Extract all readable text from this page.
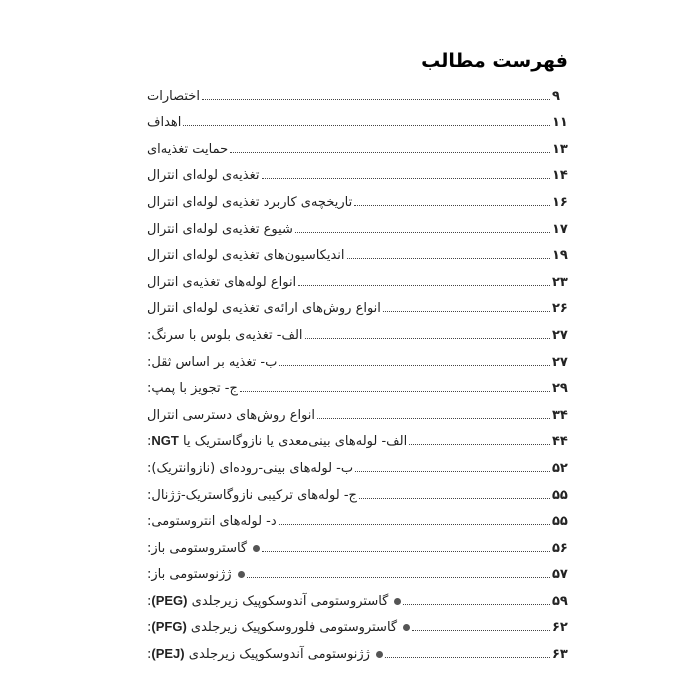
فهرست مطالب
اختصارات	۹
اهداف	۱۱
حمایت تغذیه‌ای	۱۳
تغذیه‌ی لوله‌ای انترال	۱۴
تاریخچه‌ی کاربرد تغذیه‌ی لوله‌ای انترال	۱۶
شیوع تغذیه‌ی لوله‌ای انترال	۱۷
اندیکاسیون‌های تغذیه‌ی لوله‌ای انترال	۱۹
انواع لوله‌های تغذیه‌ی انترال	۲۳
انواع روش‌های ارائه‌ی تغذیه‌ی لوله‌ای انترال	۲۶
الف- تغذیه‌ی بلوس با سرنگ:	۲۷
ب- تغذیه بر اساس ثقل:	۲۷
ج- تجویز با پمپ:	۲۹
انواع روش‌های دسترسی انترال	۳۴
الف- لوله‌های بینی‌معدی یا نازوگاستریک یا NGT:	۴۴
ب- لوله‌های بینی-روده‌ای (نازوانتریک):	۵۲
ج- لوله‌های ترکیبی نازوگاستریک-ژژنال:	۵۵
د- لوله‌های انتروستومی:	۵۵
گاستروستومی باز:	۵۶
ژژنوستومی باز:	۵۷
گاستروستومی آندوسکوپیک زیرجلدی (PEG):	۵۹
گاستروستومی فلوروسکوپیک زیرجلدی (PFG):	۶۲
ژژنوستومی آندوسکوپیک زیرجلدی (PEJ):	۶۳
